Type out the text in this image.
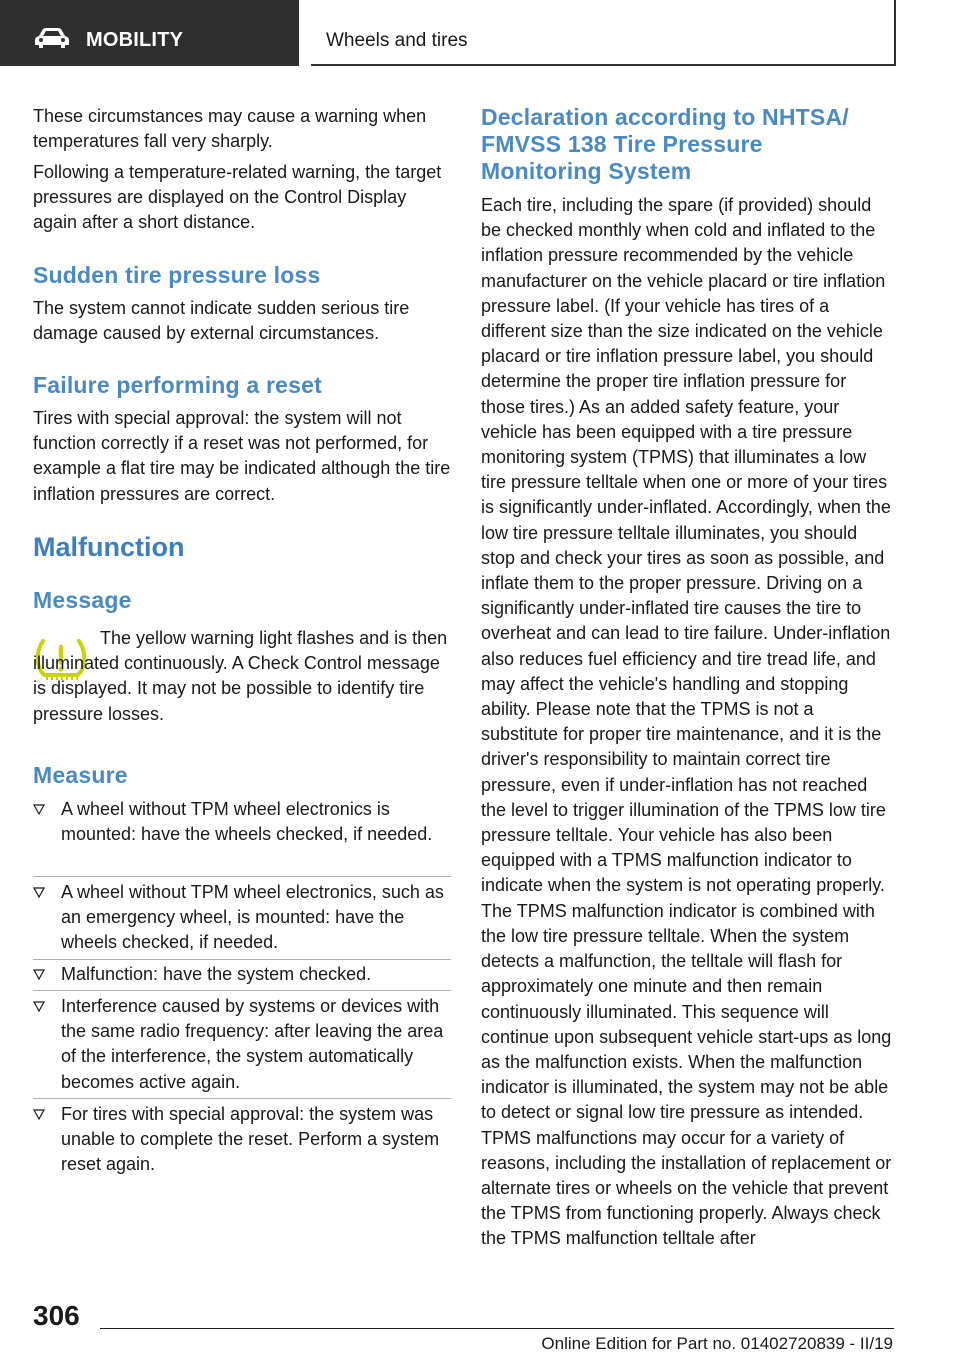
MOBILITY	Wheels and tires

These circumstances may cause a warning when temperatures fall very sharply.

Following a temperature-related warning, the target pressures are displayed on the Control Display again after a short distance.

Sudden tire pressure loss

The system cannot indicate sudden serious tire damage caused by external circumstances.

Failure performing a reset

Tires with special approval: the system will not function correctly if a reset was not performed, for example a flat tire may be indicated although the tire inflation pressures are correct.

Malfunction
Message

The yellow warning light flashes and is then illuminated continuously. A Check Control message is displayed. It may not be possible to identify tire pressure losses.

Measure

A wheel without TPM wheel electronics is mounted: have the wheels checked, if needed.

A wheel without TPM wheel electronics, such as an emergency wheel, is mounted: have the wheels checked, if needed.

Malfunction: have the system checked.

Interference caused by systems or devices with the same radio frequency: after leaving the area of the interference, the system automatically becomes active again.

For tires with special approval: the system was unable to complete the reset. Perform a system reset again.

Declaration according to NHTSA/ FMVSS 138 Tire Pressure Monitoring System

Each tire, including the spare (if provided) should be checked monthly when cold and inflated to the inflation pressure recommended by the vehicle manufacturer on the vehicle placard or tire inflation pressure label. (If your vehicle has tires of a different size than the size indicated on the vehicle placard or tire inflation pressure label, you should determine the proper tire inflation pressure for those tires.) As an added safety feature, your vehicle has been equipped with a tire pressure monitoring system (TPMS) that illuminates a low tire pressure telltale when one or more of your tires is significantly under-inflated. Accordingly, when the low tire pressure telltale illuminates, you should stop and check your tires as soon as possible, and inflate them to the proper pressure. Driving on a significantly under-inflated tire causes the tire to overheat and can lead to tire failure. Under-inflation also reduces fuel efficiency and tire tread life, and may affect the vehicle's handling and stopping ability. Please note that the TPMS is not a substitute for proper tire maintenance, and it is the driver's responsibility to maintain correct tire pressure, even if under-inflation has not reached the level to trigger illumination of the TPMS low tire pressure telltale. Your vehicle has also been equipped with a TPMS malfunction indicator to indicate when the system is not operating properly. The TPMS malfunction indicator is combined with the low tire pressure telltale. When the system detects a malfunction, the telltale will flash for approximately one minute and then remain continuously illuminated. This sequence will continue upon subsequent vehicle start-ups as long as the malfunction exists. When the malfunction indicator is illuminated, the system may not be able to detect or signal low tire pressure as intended. TPMS malfunctions may occur for a variety of reasons, including the installation of replacement or alternate tires or wheels on the vehicle that prevent the TPMS from functioning properly. Always check the TPMS malfunction telltale after

306
Online Edition for Part no. 01402720839 - II/19
